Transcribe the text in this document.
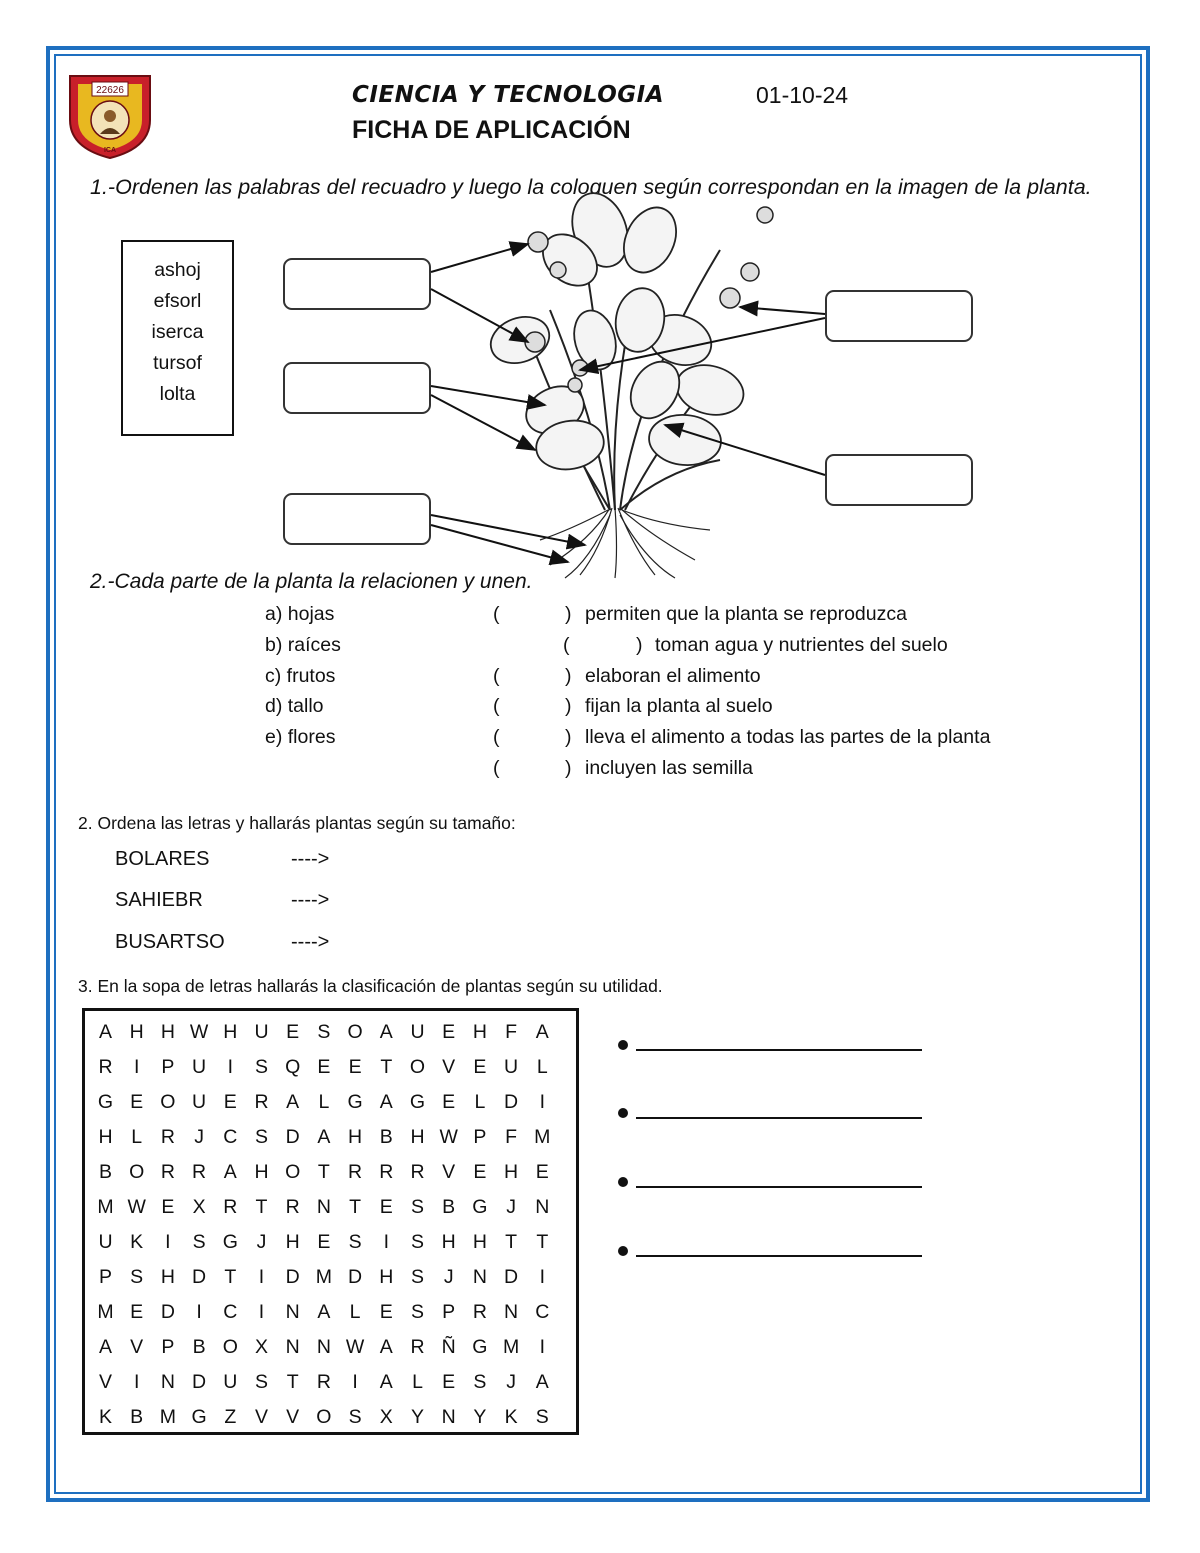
22626
ICA
CIENCIA Y TECNOLOGIA	01-10-24
FICHA DE APLICACIÓN
1.-Ordenen las palabras del recuadro y luego la coloquen según correspondan en la imagen de la planta.
ashoj
efsorl
iserca
tursof
lolta
2.-Cada parte de la planta la relacionen y unen.
a) hojas	(	) permiten que la planta se reproduzca
b) raíces	(	) toman agua y nutrientes del suelo
c) frutos	(	) elaboran el alimento
d) tallo	(	) fijan la planta al suelo
e) flores	(	) lleva el alimento a todas las partes de la planta
(	) incluyen las semilla
2. Ordena las letras y hallarás plantas según su tamaño:
BOLARES	---->
SAHIEBR	---->
BUSARTSO	---->
3. En la sopa de letras hallarás la clasificación de plantas según su utilidad.
A H H W H U E S O A U E H F A
R	I	P U	I	S Q E E T O V E U L
G E O U E R A L G A G E L D	I
H L R J C S D A H B H W P F M
B O R R A H O T R R R V E H E
M W E X R T R N T E S B G J N
U K	I	S G J H E S	I	S H H T T
P S H D T	I	D M D H S	J N D	I
M E D	I	C	I	N A L E S P R N C
A V P B O X N N W A R Ñ G M	I
V	I	N D U S T R	I	A L E S	J	A
K B M G Z V V O S X Y N Y K S
